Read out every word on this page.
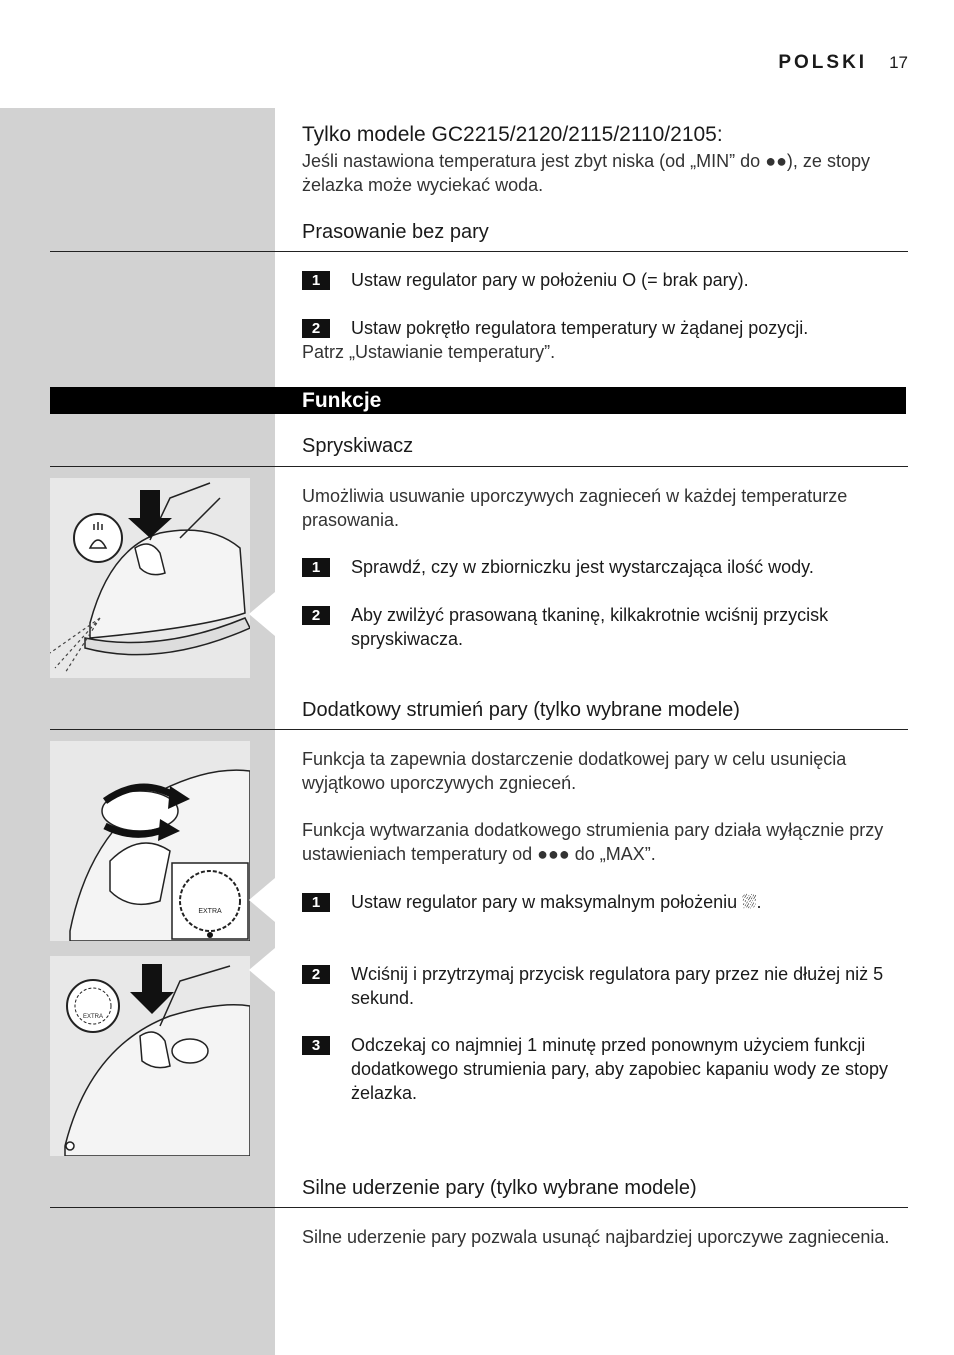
POLSKI 17
Tylko modele GC2215/2120/2115/2110/2105:
Jeśli nastawiona temperatura jest zbyt niska (od „MIN” do ●●), ze stopy żelazka może wyciekać woda.
Prasowanie bez pary
1	Ustaw regulator pary w położeniu O (= brak pary).
2	Ustaw pokrętło regulatora temperatury w żądanej pozycji.
Patrz „Ustawianie temperatury”.
Funkcje
Spryskiwacz
Umożliwia usuwanie uporczywych zagnieceń w każdej temperaturze prasowania.
1	Sprawdź, czy w zbiorniczku jest wystarczająca ilość wody.
2	Aby zwilżyć prasowaną tkaninę, kilkakrotnie wciśnij przycisk spryskiwacza.
Dodatkowy strumień pary (tylko wybrane modele)
EXTRA
EXTRA
Funkcja ta zapewnia dostarczenie dodatkowej pary w celu usunięcia wyjątkowo uporczywych zgnieceń.
Funkcja wytwarzania dodatkowego strumienia pary działa wyłącznie przy ustawieniach temperatury od ●●● do „MAX”.
1	Ustaw regulator pary w maksymalnym położeniu ⛆.
2	Wciśnij i przytrzymaj przycisk regulatora pary przez nie dłużej niż 5 sekund.
3	Odczekaj co najmniej 1 minutę przed ponownym użyciem funkcji dodatkowego strumienia pary, aby zapobiec kapaniu wody ze stopy żelazka.
Silne uderzenie pary (tylko wybrane modele)
Silne uderzenie pary pozwala usunąć najbardziej uporczywe zagniecenia.
